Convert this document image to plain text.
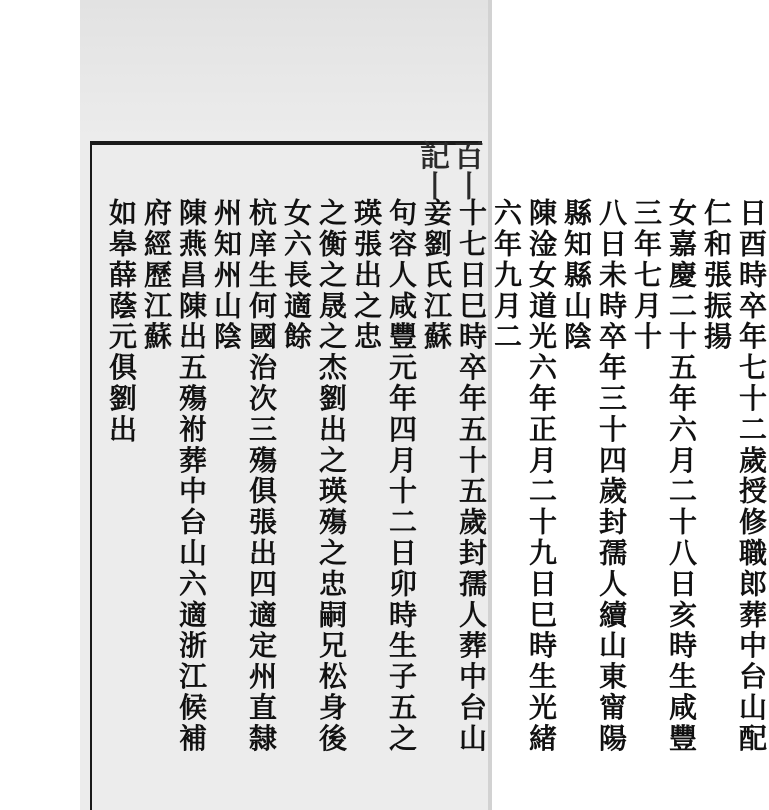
百丨記丨
日酉時卒年七十二歲授修職郎葬中台山配仁和張振揚
女嘉慶二十五年六月二十八日亥時生咸豐三年七月十
八日未時卒年三十四歲封孺人續山東甯陽縣知縣山陰
陳淦女道光六年正月二十九日巳時生光緒六年九月二
十七日巳時卒年五十五歲封孺人葬中台山妾劉氏江蘇
句容人咸豐元年四月十二日卯時生子五之瑛張出之忠
之衡之晟之杰劉出之瑛殤之忠嗣兄松身後女六長適餘
杭庠生何國治次三殤俱張出四適定州直隸州知州山陰
陳燕昌陳出五殤祔葬中台山六適浙江候補府經歷江蘇
如皋薛蔭元俱劉出
